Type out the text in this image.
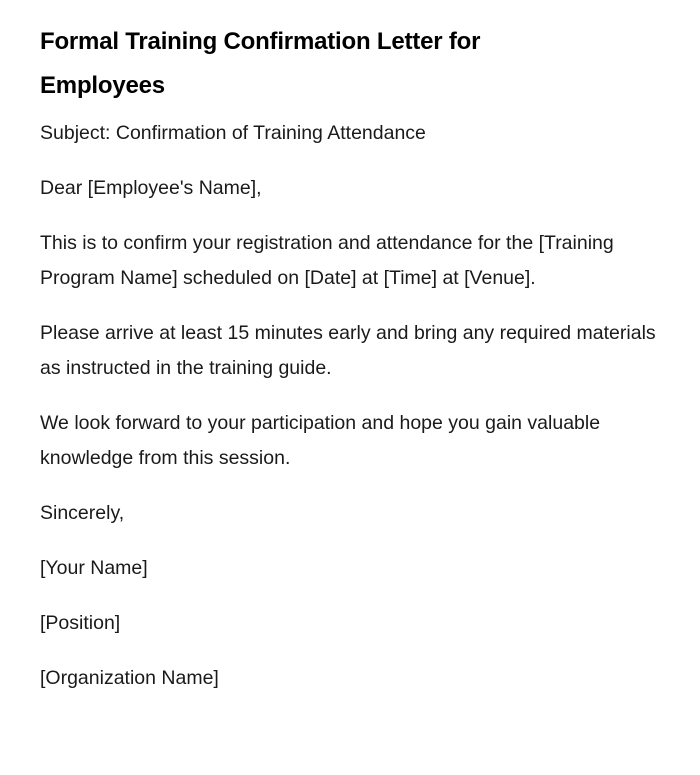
Formal Training Confirmation Letter for Employees

Subject: Confirmation of Training Attendance

Dear [Employee's Name],

This is to confirm your registration and attendance for the [Training Program Name] scheduled on [Date] at [Time] at [Venue].

Please arrive at least 15 minutes early and bring any required materials as instructed in the training guide.

We look forward to your participation and hope you gain valuable knowledge from this session.

Sincerely,

[Your Name]

[Position]

[Organization Name]
